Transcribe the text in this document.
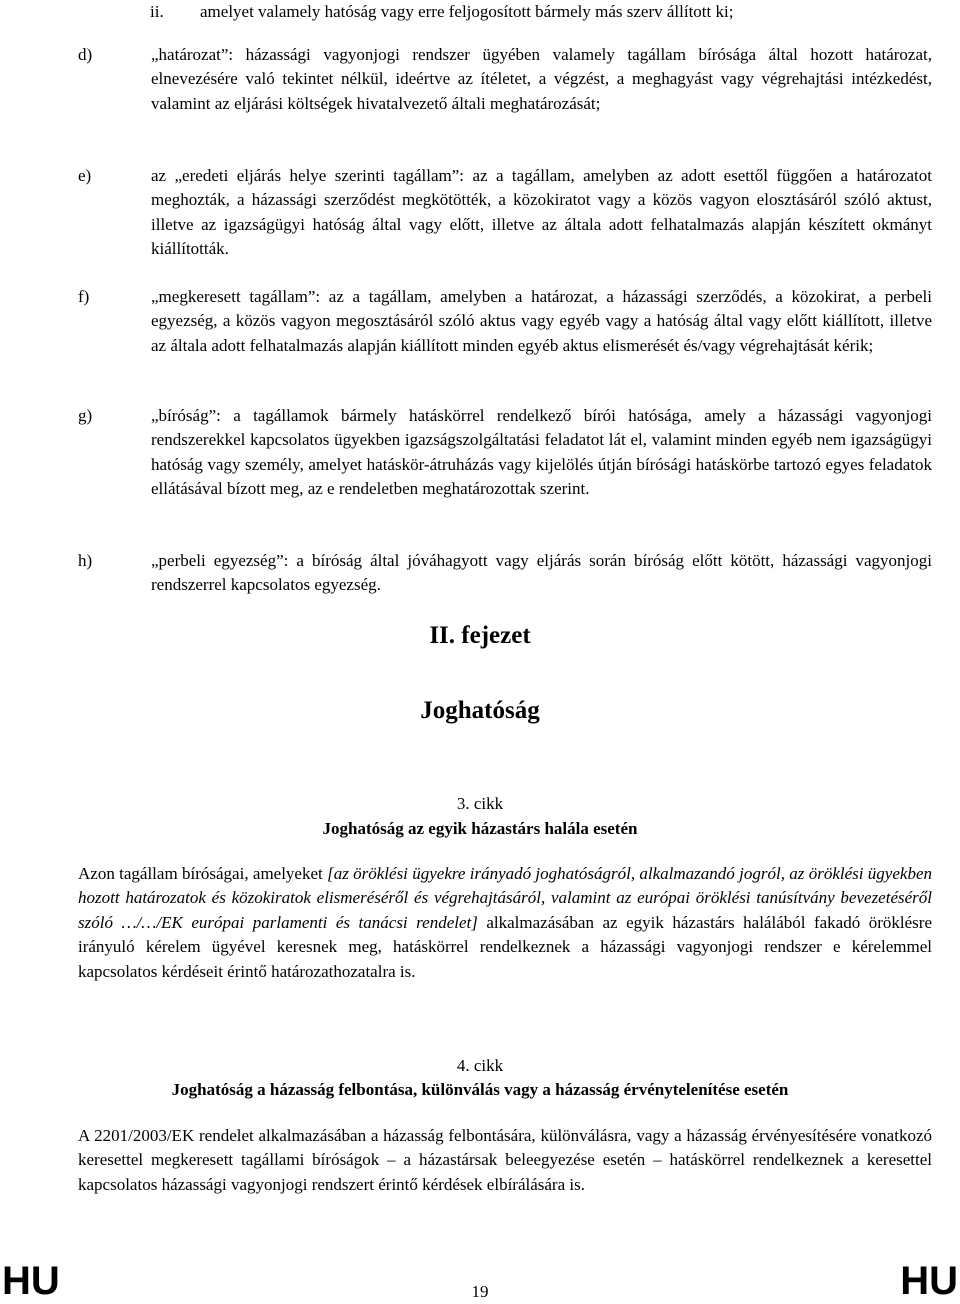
ii. amelyet valamely hatóság vagy erre feljogosított bármely más szerv állított ki;
d)	„határozat”: házassági vagyonjogi rendszer ügyében valamely tagállam bírósága által hozott határozat, elnevezésére való tekintet nélkül, ideértve az ítéletet, a végzést, a meghagyást vagy végrehajtási intézkedést, valamint az eljárási költségek hivatalvezető általi meghatározását;
e)	az „eredeti eljárás helye szerinti tagállam”: az a tagállam, amelyben az adott esettől függően a határozatot meghozták, a házassági szerződést megkötötték, a közokiratot vagy a közös vagyon elosztásáról szóló aktust, illetve az igazságügyi hatóság által vagy előtt, illetve az általa adott felhatalmazás alapján készített okmányt kiállították.
f)	„megkeresett tagállam”: az a tagállam, amelyben a határozat, a házassági szerződés, a közokirat, a perbeli egyezség, a közös vagyon megosztásáról szóló aktus vagy egyéb vagy a hatóság által vagy előtt kiállított, illetve az általa adott felhatalmazás alapján kiállított minden egyéb aktus elismerését és/vagy végrehajtását kérik;
g)	„bíróság”: a tagállamok bármely hatáskörrel rendelkező bírói hatósága, amely a házassági vagyonjogi rendszerekkel kapcsolatos ügyekben igazságszolgáltatási feladatot lát el, valamint minden egyéb nem igazságügyi hatóság vagy személy, amelyet hatáskör-átruházás vagy kijelölés útján bírósági hatáskörbe tartozó egyes feladatok ellátásával bízott meg, az e rendeletben meghatározottak szerint.
h)	„perbeli egyezség”: a bíróság által jóváhagyott vagy eljárás során bíróság előtt kötött, házassági vagyonjogi rendszerrel kapcsolatos egyezség.
II. fejezet
Joghatóság
3. cikk
Joghatóság az egyik házastárs halála esetén
Azon tagállam bíróságai, amelyeket [az öröklési ügyekre irányadó joghatóságról, alkalmazandó jogról, az öröklési ügyekben hozott határozatok és közokiratok elismeréséről és végrehajtásáról, valamint az európai öröklési tanúsítvány bevezetéséről szóló …/…/EK európai parlamenti és tanácsi rendelet] alkalmazásában az egyik házastárs halálából fakadó öröklésre irányuló kérelem ügyével keresnek meg, hatáskörrel rendelkeznek a házassági vagyonjogi rendszer e kérelemmel kapcsolatos kérdéseit érintő határozathozatalra is.
4. cikk
Joghatóság a házasság felbontása, különválás vagy a házasság érvénytelenítése esetén
A 2201/2003/EK rendelet alkalmazásában a házasság felbontására, különválásra, vagy a házasság érvényesítésére vonatkozó keresettel megkeresett tagállami bíróságok – a házastársak beleegyezése esetén – hatáskörrel rendelkeznek a keresettel kapcsolatos házassági vagyonjogi rendszert érintő kérdések elbírálására is.
HU	19	HU
